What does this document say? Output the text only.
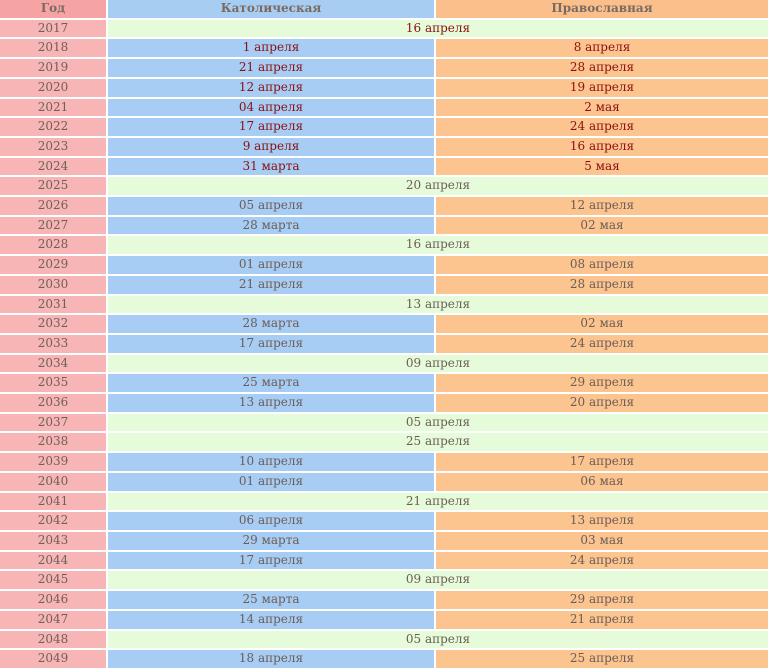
Год	Католическая	Православная
2017	16 апреля	
2018	1 апреля	8 апреля
2019	21 апреля	28 апреля
2020	12 апреля	19 апреля
2021	04 апреля	2 мая
2022	17 апреля	24 апреля
2023	9 апреля	16 апреля
2024	31 марта	5 мая
2025	20 апреля	
2026	05 апреля	12 апреля
2027	28 марта	02 мая
2028	16 апреля	
2029	01 апреля	08 апреля
2030	21 апреля	28 апреля
2031	13 апреля	
2032	28 марта	02 мая
2033	17 апреля	24 апреля
2034	09 апреля	
2035	25 марта	29 апреля
2036	13 апреля	20 апреля
2037	05 апреля	
2038	25 апреля	
2039	10 апреля	17 апреля
2040	01 апреля	06 мая
2041	21 апреля	
2042	06 апреля	13 апреля
2043	29 марта	03 мая
2044	17 апреля	24 апреля
2045	09 апреля	
2046	25 марта	29 апреля
2047	14 апреля	21 апреля
2048	05 апреля	
2049	18 апреля	25 апреля
